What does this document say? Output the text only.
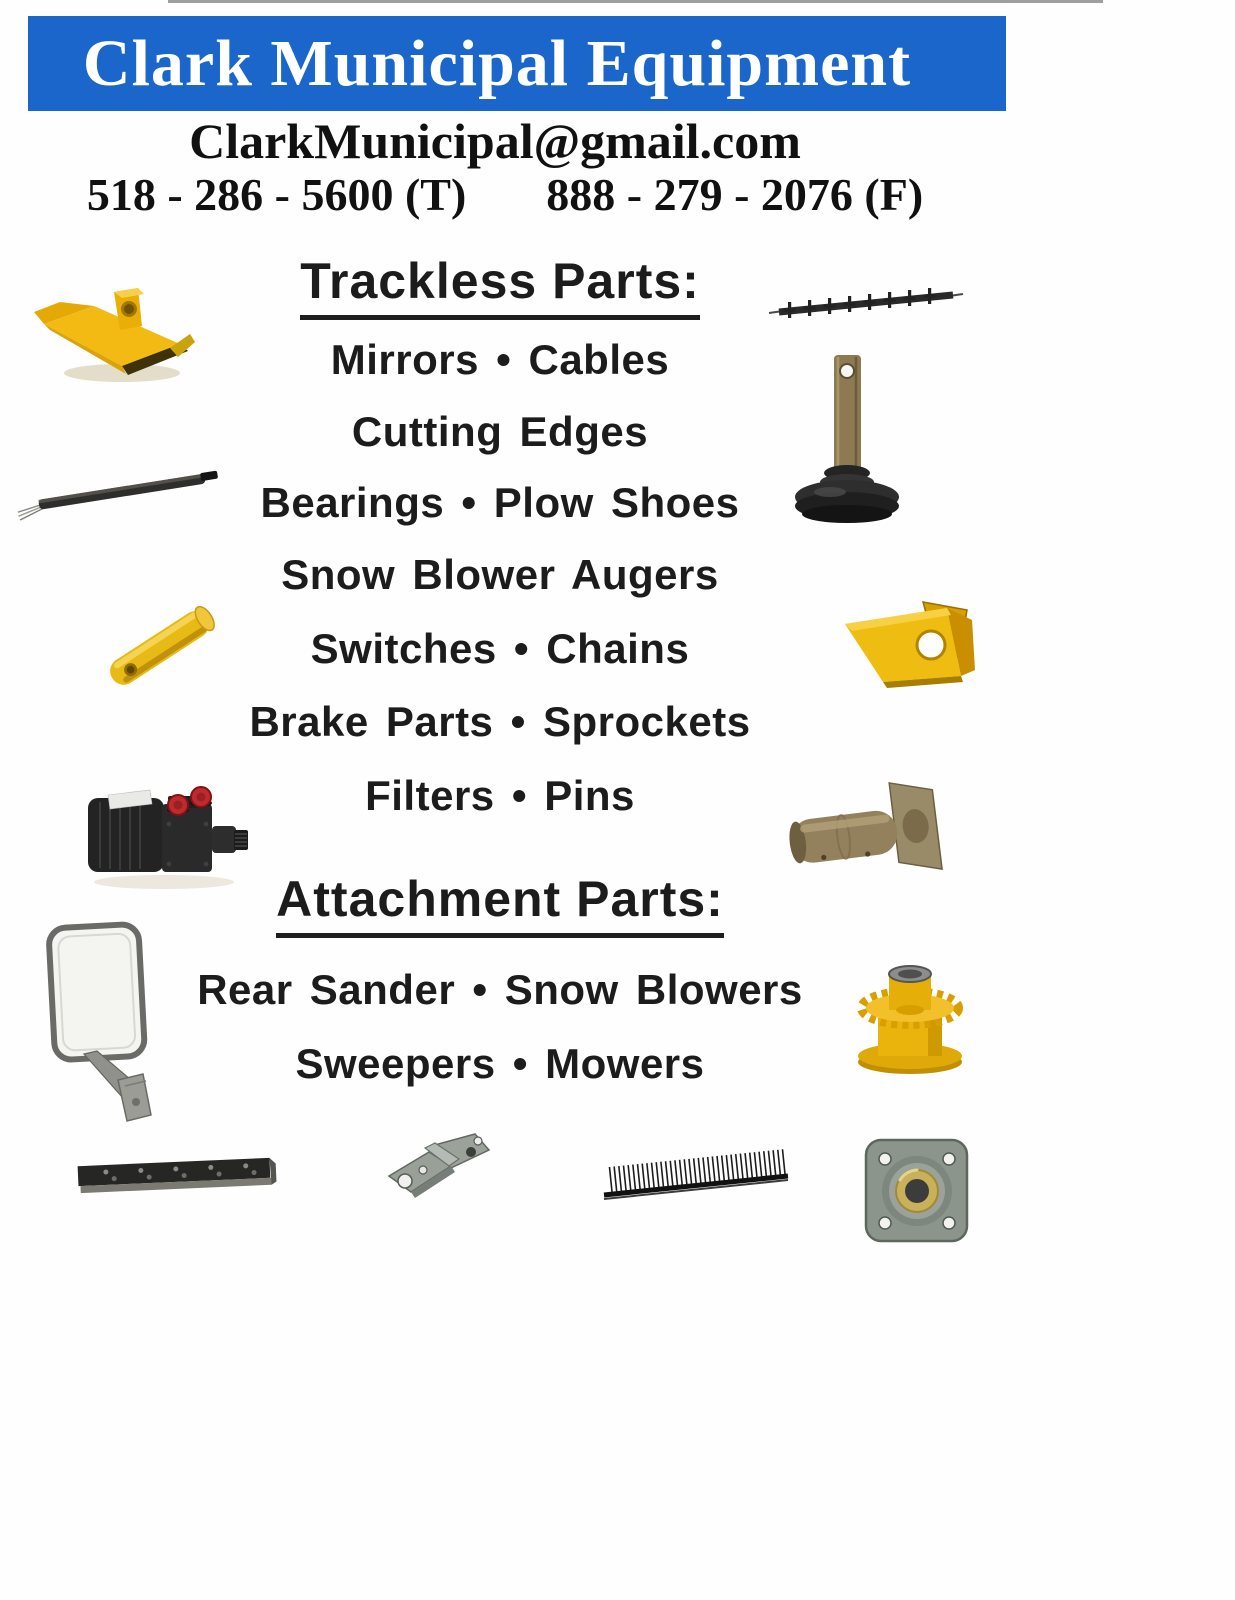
Clark Municipal Equipment
ClarkMunicipal@gmail.com
518 - 286 - 5600 (T) 888 - 279 - 2076 (F)
Trackless Parts:
Mirrors • Cables
Cutting Edges
Bearings • Plow Shoes
Snow Blower Augers
Switches • Chains
Brake Parts • Sprockets
Filters • Pins
Attachment Parts:
Rear Sander • Snow Blowers
Sweepers • Mowers
